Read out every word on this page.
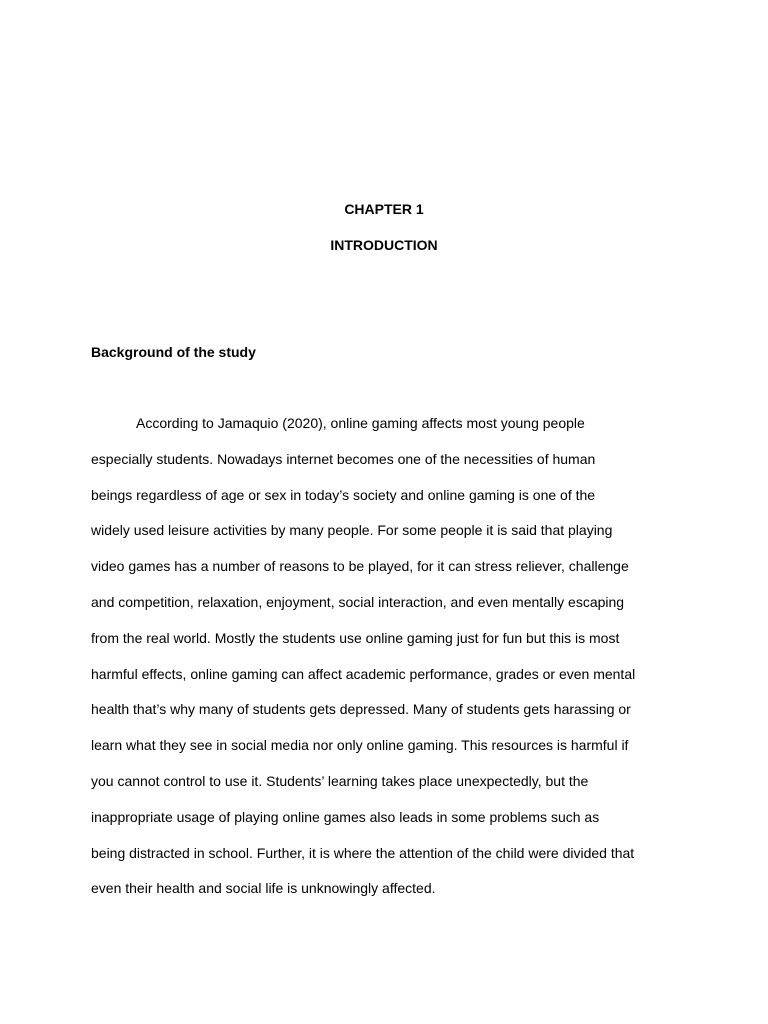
CHAPTER 1
INTRODUCTION
Background of the study
According to Jamaquio (2020), online gaming affects most young people
especially students. Nowadays internet becomes one of the necessities of human
beings regardless of age or sex in today’s society and online gaming is one of the
widely used leisure activities by many people. For some people it is said that playing
video games has a number of reasons to be played, for it can stress reliever, challenge
and competition, relaxation, enjoyment, social interaction, and even mentally escaping
from the real world. Mostly the students use online gaming just for fun but this is most
harmful effects, online gaming can affect academic performance, grades or even mental
health that’s why many of students gets depressed. Many of students gets harassing or
learn what they see in social media nor only online gaming. This resources is harmful if
you cannot control to use it. Students’ learning takes place unexpectedly, but the
inappropriate usage of playing online games also leads in some problems such as
being distracted in school. Further, it is where the attention of the child were divided that
even their health and social life is unknowingly affected.
